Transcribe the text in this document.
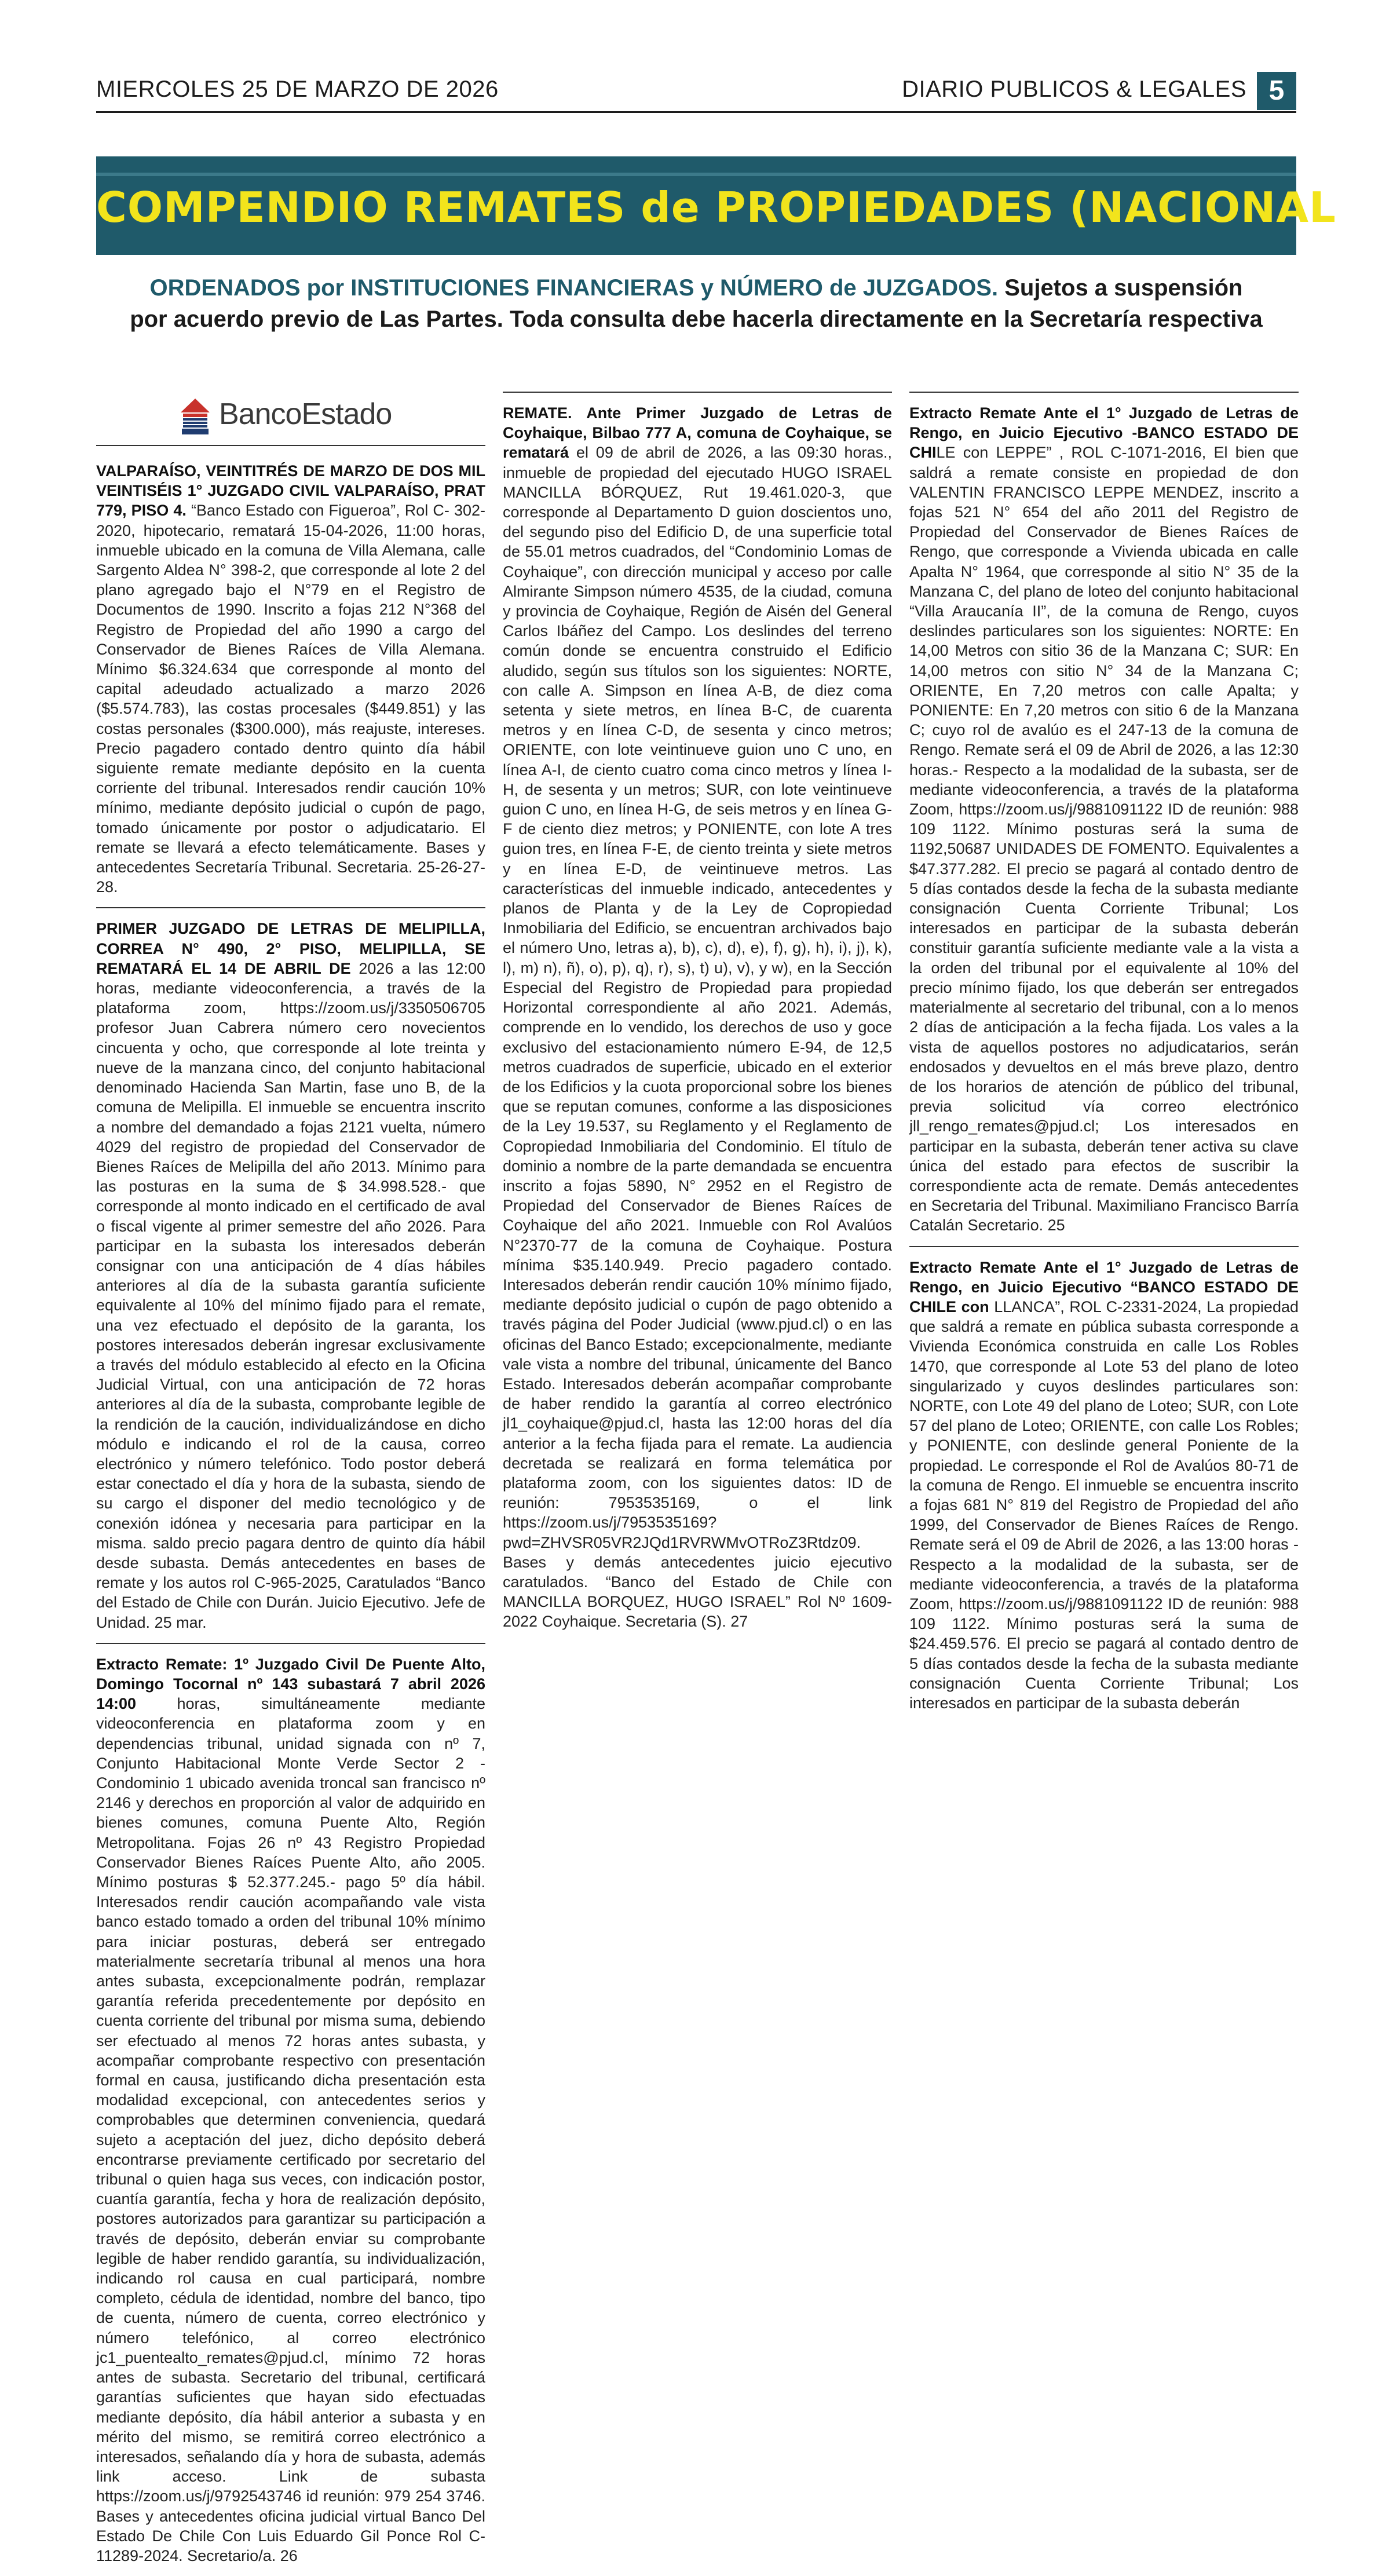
MIERCOLES 25 DE MARZO DE 2026	DIARIO PUBLICOS & LEGALES 5
COMPENDIO REMATES de PROPIEDADES (NACIONAL
ORDENADOS por INSTITUCIONES FINANCIERAS y NÚMERO de JUZGADOS. Sujetos a suspensión
por acuerdo previo de Las Partes. Toda consulta debe hacerla directamente en la Secretaría respectiva
BancoEstado

VALPARAÍSO, VEINTITRÉS DE MARZO DE DOS MIL VEINTISÉIS 1° JUZGADO CIVIL VALPARAÍSO, PRAT 779, PISO 4. “Banco Estado con Figueroa”, Rol C- 302-2020, hipotecario, rematará 15-04-2026, 11:00 horas, inmueble ubicado en la comuna de Villa Alemana, calle Sargento Aldea N° 398-2, que corresponde al lote 2 del plano agregado bajo el N°79 en el Registro de Documentos de 1990. Inscrito a fojas 212 N°368 del Registro de Propiedad del año 1990 a cargo del Conservador de Bienes Raíces de Villa Alemana. Mínimo $6.324.634 que corresponde al monto del capital adeudado actualizado a marzo 2026 ($5.574.783), las costas procesales ($449.851) y las costas personales ($300.000), más reajuste, intereses. Precio pagadero contado dentro quinto día hábil siguiente remate mediante depósito en la cuenta corriente del tribunal. Interesados rendir caución 10% mínimo, mediante depósito judicial o cupón de pago, tomado únicamente por postor o adjudicatario. El remate se llevará a efecto telemáticamente. Bases y antecedentes Secretaría Tribunal. Secretaria. 25-26-27-28.

PRIMER JUZGADO DE LETRAS DE MELIPILLA, CORREA N° 490, 2° PISO, MELIPILLA, SE REMATARÁ EL 14 DE ABRIL DE 2026 a las 12:00 horas, mediante videoconferencia, a través de la plataforma zoom, https://zoom.us/j/3350506705 profesor Juan Cabrera número cero novecientos cincuenta y ocho, que corresponde al lote treinta y nueve de la manzana cinco, del conjunto habitacional denominado Hacienda San Martin, fase uno B, de la comuna de Melipilla. El inmueble se encuentra inscrito a nombre del demandado a fojas 2121 vuelta, número 4029 del registro de propiedad del Conservador de Bienes Raíces de Melipilla del año 2013. Mínimo para las posturas en la suma de $ 34.998.528.- que corresponde al monto indicado en el certificado de aval o fiscal vigente al primer semestre del año 2026. Para participar en la subasta los interesados deberán consignar con una anticipación de 4 días hábiles anteriores al día de la subasta garantía suficiente equivalente al 10% del mínimo fijado para el remate, una vez efectuado el depósito de la garanta, los postores interesados deberán ingresar exclusivamente a través del módulo establecido al efecto en la Oficina Judicial Virtual, con una anticipación de 72 horas anteriores al día de la subasta, comprobante legible de la rendición de la caución, individualizándose en dicho módulo e indicando el rol de la causa, correo electrónico y número telefónico. Todo postor deberá estar conectado el día y hora de la subasta, siendo de su cargo el disponer del medio tecnológico y de conexión idónea y necesaria para participar en la misma. saldo precio pagara dentro de quinto día hábil desde subasta. Demás antecedentes en bases de remate y los autos rol C-965-2025, Caratulados “Banco del Estado de Chile con Durán. Juicio Ejecutivo. Jefe de Unidad. 25 mar.

Extracto Remate: 1º Juzgado Civil De Puente Alto, Domingo Tocornal nº 143 subastará 7 abril 2026 14:00 horas, simultáneamente mediante videoconferencia en plataforma zoom y en dependencias tribunal, unidad signada con nº 7, Conjunto Habitacional Monte Verde Sector 2 - Condominio 1 ubicado avenida troncal san francisco nº 2146 y derechos en proporción al valor de adquirido en bienes comunes, comuna Puente Alto, Región Metropolitana. Fojas 26 nº 43 Registro Propiedad Conservador Bienes Raíces Puente Alto, año 2005. Mínimo posturas $ 52.377.245.- pago 5º día hábil. Interesados rendir caución acompañando vale vista banco estado tomado a orden del tribunal 10% mínimo para iniciar posturas, deberá ser entregado materialmente secretaría tribunal al menos una hora antes subasta, excepcionalmente podrán, remplazar garantía referida precedentemente por depósito en cuenta corriente del tribunal por misma suma, debiendo ser efectuado al menos 72 horas antes subasta, y acompañar comprobante respectivo con presentación formal en causa, justificando dicha presentación esta modalidad excepcional, con antecedentes serios y comprobables que determinen conveniencia, quedará sujeto a aceptación del juez, dicho depósito deberá encontrarse previamente certificado por secretario del tribunal o quien haga sus veces, con indicación postor, cuantía garantía, fecha y hora de realización depósito, postores autorizados para garantizar su participación a través de depósito, deberán enviar su comprobante legible de haber rendido garantía, su individualización, indicando rol causa en cual participará, nombre completo, cédula de identidad, nombre del banco, tipo de cuenta, número de cuenta, correo electrónico y número telefónico, al correo electrónico jc1_puentealto_remates@pjud.cl, mínimo 72 horas antes de subasta. Secretario del tribunal, certificará garantías suficientes que hayan sido efectuadas mediante depósito, día hábil anterior a subasta y en mérito del mismo, se remitirá correo electrónico a interesados, señalando día y hora de subasta, además link acceso. Link de subasta https://zoom.us/j/9792543746 id reunión: 979 254 3746. Bases y antecedentes oficina judicial virtual Banco Del Estado De Chile Con Luis Eduardo Gil Ponce Rol C-11289-2024. Secretario/a. 26

REMATE. Ante Primer Juzgado de Letras de Coyhaique, Bilbao 777 A, comuna de Coyhaique, se rematará el 09 de abril de 2026, a las 09:30 horas., inmueble de propiedad del ejecutado HUGO ISRAEL MANCILLA BÓRQUEZ, Rut 19.461.020-3, que corresponde al Departamento D guion doscientos uno, del segundo piso del Edificio D, de una superficie total de 55.01 metros cuadrados, del “Condominio Lomas de Coyhaique”, con dirección municipal y acceso por calle Almirante Simpson número 4535, de la ciudad, comuna y provincia de Coyhaique, Región de Aisén del General Carlos Ibáñez del Campo. Los deslindes del terreno común donde se encuentra construido el Edificio aludido, según sus títulos son los siguientes: NORTE, con calle A. Simpson en línea A-B, de diez coma setenta y siete metros, en línea B-C, de cuarenta metros y en línea C-D, de sesenta y cinco metros; ORIENTE, con lote veintinueve guion uno C uno, en línea A-I, de ciento cuatro coma cinco metros y línea I-H, de sesenta y un metros; SUR, con lote veintinueve guion C uno, en línea H-G, de seis metros y en línea G-F de ciento diez metros; y PONIENTE, con lote A tres guion tres, en línea F-E, de ciento treinta y siete metros y en línea E-D, de veintinueve metros. Las características del inmueble indicado, antecedentes y planos de Planta y de la Ley de Copropiedad Inmobiliaria del Edificio, se encuentran archivados bajo el número Uno, letras a), b), c), d), e), f), g), h), i), j), k), l), m) n), ñ), o), p), q), r), s), t) u), v), y w), en la Sección Especial del Registro de Propiedad para propiedad Horizontal correspondiente al año 2021. Además, comprende en lo vendido, los derechos de uso y goce exclusivo del estacionamiento número E-94, de 12,5 metros cuadrados de superficie, ubicado en el exterior de los Edificios y la cuota proporcional sobre los bienes que se reputan comunes, conforme a las disposiciones de la Ley 19.537, su Reglamento y el Reglamento de Copropiedad Inmobiliaria del Condominio. El título de dominio a nombre de la parte demandada se encuentra inscrito a fojas 5890, N° 2952 en el Registro de Propiedad del Conservador de Bienes Raíces de Coyhaique del año 2021. Inmueble con Rol Avalúos N°2370-77 de la comuna de Coyhaique. Postura mínima $35.140.949. Precio pagadero contado. Interesados deberán rendir caución 10% mínimo fijado, mediante depósito judicial o cupón de pago obtenido a través página del Poder Judicial (www.pjud.cl) o en las oficinas del Banco Estado; excepcionalmente, mediante vale vista a nombre del tribunal, únicamente del Banco Estado. Interesados deberán acompañar comprobante de haber rendido la garantía al correo electrónico jl1_coyhaique@pjud.cl, hasta las 12:00 horas del día anterior a la fecha fijada para el remate. La audiencia decretada se realizará en forma telemática por plataforma zoom, con los siguientes datos: ID de reunión: 7953535169, o el link https://zoom.us/j/7953535169?pwd=ZHVSR05VR2JQd1RVRWMvOTRoZ3Rtdz09. Bases y demás antecedentes juicio ejecutivo caratulados. “Banco del Estado de Chile con MANCILLA BORQUEZ, HUGO ISRAEL” Rol Nº 1609-2022 Coyhaique. Secretaria (S). 27

Extracto Remate Ante el 1° Juzgado de Letras de Rengo, en Juicio Ejecutivo -BANCO ESTADO DE CHILE con LEPPE” , ROL C-1071-2016, El bien que saldrá a remate consiste en propiedad de don VALENTIN FRANCISCO LEPPE MENDEZ, inscrito a fojas 521 N° 654 del año 2011 del Registro de Propiedad del Conservador de Bienes Raíces de Rengo, que corresponde a Vivienda ubicada en calle Apalta N° 1964, que corresponde al sitio N° 35 de la Manzana C, del plano de loteo del conjunto habitacional “Villa Araucanía II”, de la comuna de Rengo, cuyos deslindes particulares son los siguientes: NORTE: En 14,00 Metros con sitio 36 de la Manzana C; SUR: En 14,00 metros con sitio N° 34 de la Manzana C; ORIENTE, En 7,20 metros con calle Apalta; y PONIENTE: En 7,20 metros con sitio 6 de la Manzana C; cuyo rol de avalúo es el 247-13 de la comuna de Rengo. Remate será el 09 de Abril de 2026, a las 12:30 horas.- Respecto a la modalidad de la subasta, ser de mediante videoconferencia, a través de la plataforma Zoom, https://zoom.us/j/9881091122 ID de reunión: 988 109 1122. Mínimo posturas será la suma de 1192,50687 UNIDADES DE FOMENTO. Equivalentes a $47.377.282. El precio se pagará al contado dentro de 5 días contados desde la fecha de la subasta mediante consignación Cuenta Corriente Tribunal; Los interesados en participar de la subasta deberán constituir garantía suficiente mediante vale a la vista a la orden del tribunal por el equivalente al 10% del precio mínimo fijado, los que deberán ser entregados materialmente al secretario del tribunal, con a lo menos 2 días de anticipación a la fecha fijada. Los vales a la vista de aquellos postores no adjudicatarios, serán endosados y devueltos en el más breve plazo, dentro de los horarios de atención de público del tribunal, previa solicitud vía correo electrónico jll_rengo_remates@pjud.cl; Los interesados en participar en la subasta, deberán tener activa su clave única del estado para efectos de suscribir la correspondiente acta de remate. Demás antecedentes en Secretaria del Tribunal. Maximiliano Francisco Barría Catalán Secretario. 25

Extracto Remate Ante el 1° Juzgado de Letras de Rengo, en Juicio Ejecutivo “BANCO ESTADO DE CHILE con LLANCA”, ROL C-2331-2024, La propiedad que saldrá a remate en pública subasta corresponde a Vivienda Económica construida en calle Los Robles 1470, que corresponde al Lote 53 del plano de loteo singularizado y cuyos deslindes particulares son: NORTE, con Lote 49 del plano de Loteo; SUR, con Lote 57 del plano de Loteo; ORIENTE, con calle Los Robles; y PONIENTE, con deslinde general Poniente de la propiedad. Le corresponde el Rol de Avalúos 80-71 de la comuna de Rengo. El inmueble se encuentra inscrito a fojas 681 N° 819 del Registro de Propiedad del año 1999, del Conservador de Bienes Raíces de Rengo. Remate será el 09 de Abril de 2026, a las 13:00 horas - Respecto a la modalidad de la subasta, ser de mediante videoconferencia, a través de la plataforma Zoom, https://zoom.us/j/9881091122 ID de reunión: 988 109 1122. Mínimo posturas será la suma de $24.459.576. El precio se pagará al contado dentro de 5 días contados desde la fecha de la subasta mediante consignación Cuenta Corriente Tribunal; Los interesados en participar de la subasta deberán
